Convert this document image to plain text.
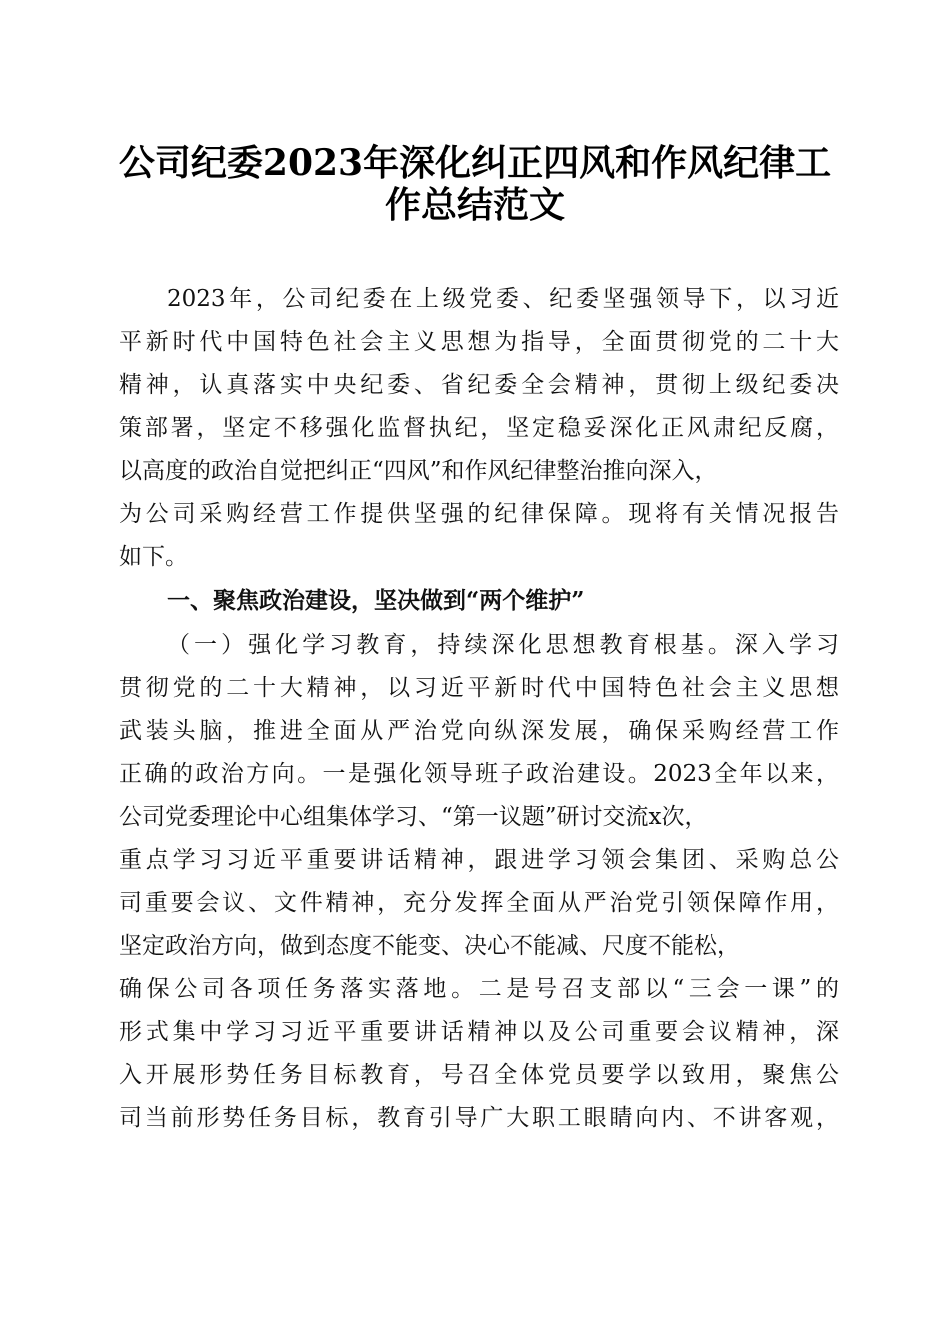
公司纪委2023年深化纠正四风和作风纪律工
作总结范文
2023年，公司纪委在上级党委、纪委坚强领导下，以习近
平新时代中国特色社会主义思想为指导，全面贯彻党的二十大
精神，认真落实中央纪委、省纪委全会精神，贯彻上级纪委决
策部署，坚定不移强化监督执纪，坚定稳妥深化正风肃纪反腐，
以高度的政治自觉把纠正“四风”和作风纪律整治推向深入，
为公司采购经营工作提供坚强的纪律保障。现将有关情况报告
如下。
一、聚焦政治建设，坚决做到“两个维护”
（一）强化学习教育，持续深化思想教育根基。深入学习
贯彻党的二十大精神，以习近平新时代中国特色社会主义思想
武装头脑，推进全面从严治党向纵深发展，确保采购经营工作
正确的政治方向。一是强化领导班子政治建设。2023全年以来，
公司党委理论中心组集体学习、“第一议题”研讨交流x次，
重点学习习近平重要讲话精神，跟进学习领会集团、采购总公
司重要会议、文件精神，充分发挥全面从严治党引领保障作用，
坚定政治方向，做到态度不能变、决心不能减、尺度不能松，
确保公司各项任务落实落地。二是号召支部以“三会一课”的
形式集中学习习近平重要讲话精神以及公司重要会议精神，深
入开展形势任务目标教育，号召全体党员要学以致用，聚焦公
司当前形势任务目标，教育引导广大职工眼睛向内、不讲客观，
